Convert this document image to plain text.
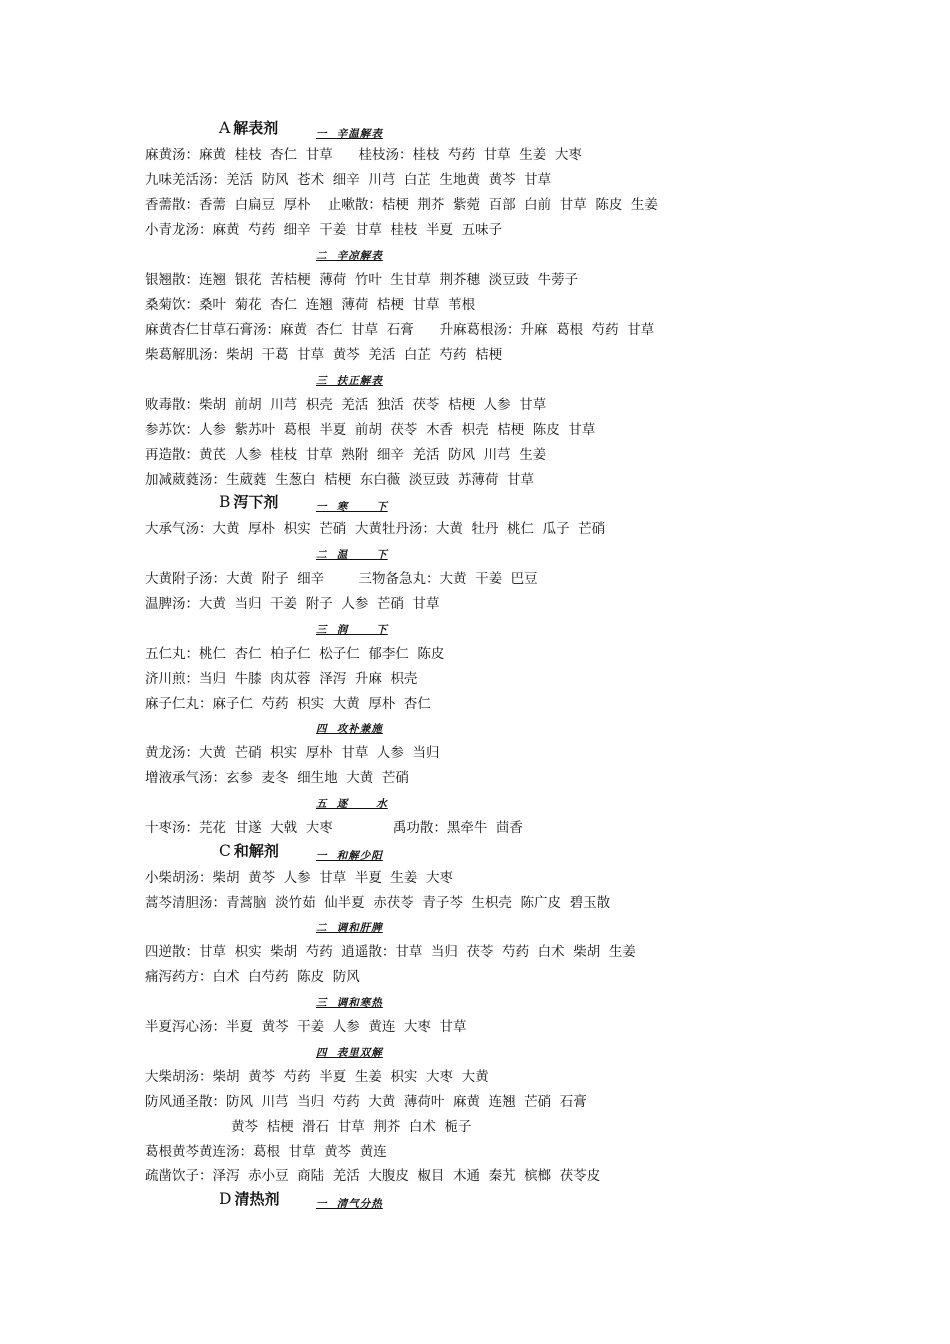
A 解表剂	一  辛温解表
麻黄汤：麻黄  桂枝  杏仁  甘草      桂枝汤：桂枝  芍药  甘草  生姜  大枣
九味羌活汤：羌活  防风  苍术  细辛  川芎  白芷  生地黄  黄芩  甘草
香薷散：香薷  白扁豆  厚朴    止嗽散：桔梗  荆芥  紫菀  百部  白前  甘草  陈皮  生姜
小青龙汤：麻黄  芍药  细辛  干姜  甘草  桂枝  半夏  五味子
二  辛凉解表
银翘散：连翘  银花  苦桔梗  薄荷  竹叶  生甘草  荆芥穗  淡豆豉  牛蒡子
桑菊饮：桑叶  菊花  杏仁  连翘  薄荷  桔梗  甘草  苇根
麻黄杏仁甘草石膏汤：麻黄  杏仁  甘草  石膏      升麻葛根汤：升麻  葛根  芍药  甘草
柴葛解肌汤：柴胡  干葛  甘草  黄芩  羌活  白芷  芍药  桔梗
三  扶正解表
败毒散：柴胡  前胡  川芎  枳壳  羌活  独活  茯苓  桔梗  人参  甘草
参苏饮：人参  紫苏叶  葛根  半夏  前胡  茯苓  木香  枳壳  桔梗  陈皮  甘草
再造散：黄芪  人参  桂枝  甘草  熟附  细辛  羌活  防风  川芎  生姜
加减葳蕤汤：生葳蕤  生葱白  桔梗  东白薇  淡豆豉  苏薄荷  甘草
B 泻下剂	一  寒      下
大承气汤：大黄  厚朴  枳实  芒硝  大黄牡丹汤：大黄  牡丹  桃仁  瓜子  芒硝
二  温      下
大黄附子汤：大黄  附子  细辛        三物备急丸：大黄  干姜  巴豆
温脾汤：大黄  当归  干姜  附子  人参  芒硝  甘草
三  润      下
五仁丸：桃仁  杏仁  柏子仁  松子仁  郁李仁  陈皮
济川煎：当归  牛膝  肉苁蓉  泽泻  升麻  枳壳
麻子仁丸：麻子仁  芍药  枳实  大黄  厚朴  杏仁
四  攻补兼施
黄龙汤：大黄  芒硝  枳实  厚朴  甘草  人参  当归
增液承气汤：玄参  麦冬  细生地  大黄  芒硝
五  逐      水
十枣汤：芫花  甘遂  大戟  大枣              禹功散：黑牵牛  茴香
C 和解剂	一  和解少阳
小柴胡汤：柴胡  黄芩  人参  甘草  半夏  生姜  大枣
蒿芩清胆汤：青蒿脑  淡竹茹  仙半夏  赤茯苓  青子芩  生枳壳  陈广皮  碧玉散
二  调和肝脾
四逆散：甘草  枳实  柴胡  芍药  逍遥散：甘草  当归  茯苓  芍药  白术  柴胡  生姜
痛泻药方：白术  白芍药  陈皮  防风
三  调和寒热
半夏泻心汤：半夏  黄芩  干姜  人参  黄连  大枣  甘草
四  表里双解
大柴胡汤：柴胡  黄芩  芍药  半夏  生姜  枳实  大枣  大黄
防风通圣散：防风  川芎  当归  芍药  大黄  薄荷叶  麻黄  连翘  芒硝  石膏
黄芩  桔梗  滑石  甘草  荆芥  白术  栀子
葛根黄芩黄连汤：葛根  甘草  黄芩  黄连
疏凿饮子：泽泻  赤小豆  商陆  羌活  大腹皮  椒目  木通  秦艽  槟榔  茯苓皮
D 清热剂	一  清气分热
